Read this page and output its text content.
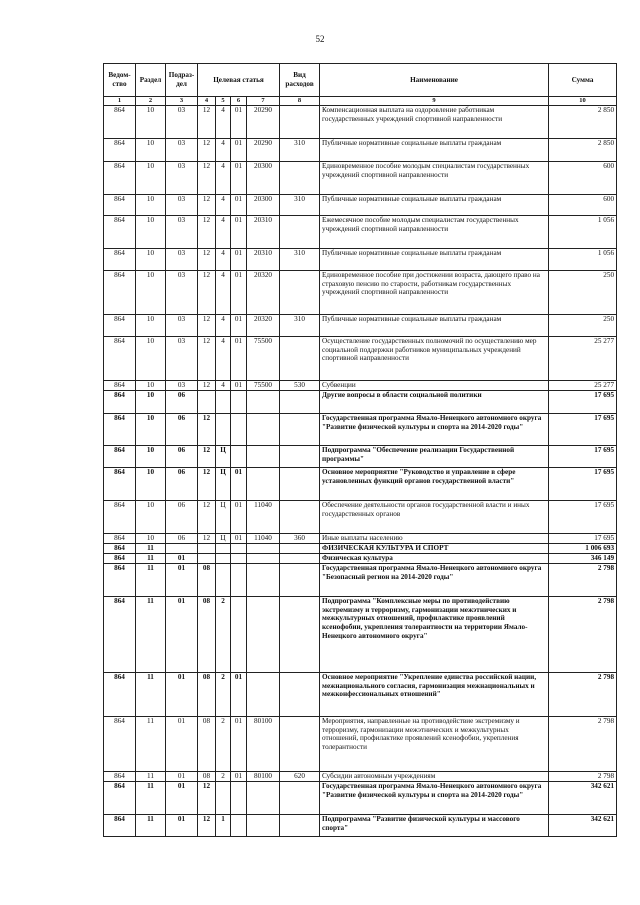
52
Ведом-ство	Раздел	Подраз-дел	Целевая статья				Вид расходов	Наименование	Сумма
1	2	3	4	5	6	7	8	9	10
864	10	03	12	4	01	20290		Компенсационная выплата на оздоровление работникам государственных учреждений спортивной направленности	2 850
864	10	03	12	4	01	20290	310	Публичные нормативные социальные выплаты гражданам	2 850
864	10	03	12	4	01	20300		Единовременное пособие молодым специалистам государственных учреждений спортивной направленности	600
864	10	03	12	4	01	20300	310	Публичные нормативные социальные выплаты гражданам	600
864	10	03	12	4	01	20310		Ежемесячное пособие молодым специалистам государственных учреждений спортивной направленности	1 056
864	10	03	12	4	01	20310	310	Публичные нормативные социальные выплаты гражданам	1 056
864	10	03	12	4	01	20320		Единовременное пособие при достижении возраста, дающего право на страховую пенсию по старости, работникам государственных учреждений спортивной направленности	250
864	10	03	12	4	01	20320	310	Публичные нормативные социальные выплаты гражданам	250
864	10	03	12	4	01	75500		Осуществление государственных полномочий по осуществлению мер социальной поддержки работников муниципальных учреждений спортивной направленности	25 277
864	10	03	12	4	01	75500	530	Субвенции	25 277
864	10	06						Другие вопросы в области социальной политики	17 695
864	10	06	12					Государственная программа Ямало-Ненецкого автономного округа "Развитие физической культуры и спорта на 2014-2020 годы"	17 695
864	10	06	12	Ц				Подпрограмма "Обеспечение реализации Государственной программы"	17 695
864	10	06	12	Ц	01			Основное мероприятие "Руководство и управление в сфере установленных функций органов государственной власти"	17 695
864	10	06	12	Ц	01	11040		Обеспечение деятельности органов государственной власти и иных государственных органов	17 695
864	10	06	12	Ц	01	11040	360	Иные выплаты населению	17 695
864	11							ФИЗИЧЕСКАЯ КУЛЬТУРА И СПОРТ	1 006 693
864	11	01						Физическая культура	346 149
864	11	01	08					Государственная программа Ямало-Ненецкого автономного округа "Безопасный регион на 2014-2020 годы"	2 798
864	11	01	08	2				Подпрограмма "Комплексные меры по противодействию экстремизму и терроризму, гармонизации межэтнических и межкультурных отношений, профилактике проявлений ксенофобии, укрепления толерантности на территории Ямало-Ненецкого автономного округа"	2 798
864	11	01	08	2	01			Основное мероприятие "Укрепление единства российской нации, межнационального согласия, гармонизация межнациональных и межконфессиональных отношений"	2 798
864	11	01	08	2	01	80100		Мероприятия, направленные на противодействие экстремизму и терроризму, гармонизации межэтнических и межкультурных отношений, профилактике проявлений ксенофобии, укрепления толерантности	2 798
864	11	01	08	2	01	80100	620	Субсидии автономным учреждениям	2 798
864	11	01	12					Государственная программа Ямало-Ненецкого автономного округа "Развитие физической культуры и спорта на 2014-2020 годы"	342 621
864	11	01	12	1				Подпрограмма "Развитие физической культуры и массового спорта"	342 621
